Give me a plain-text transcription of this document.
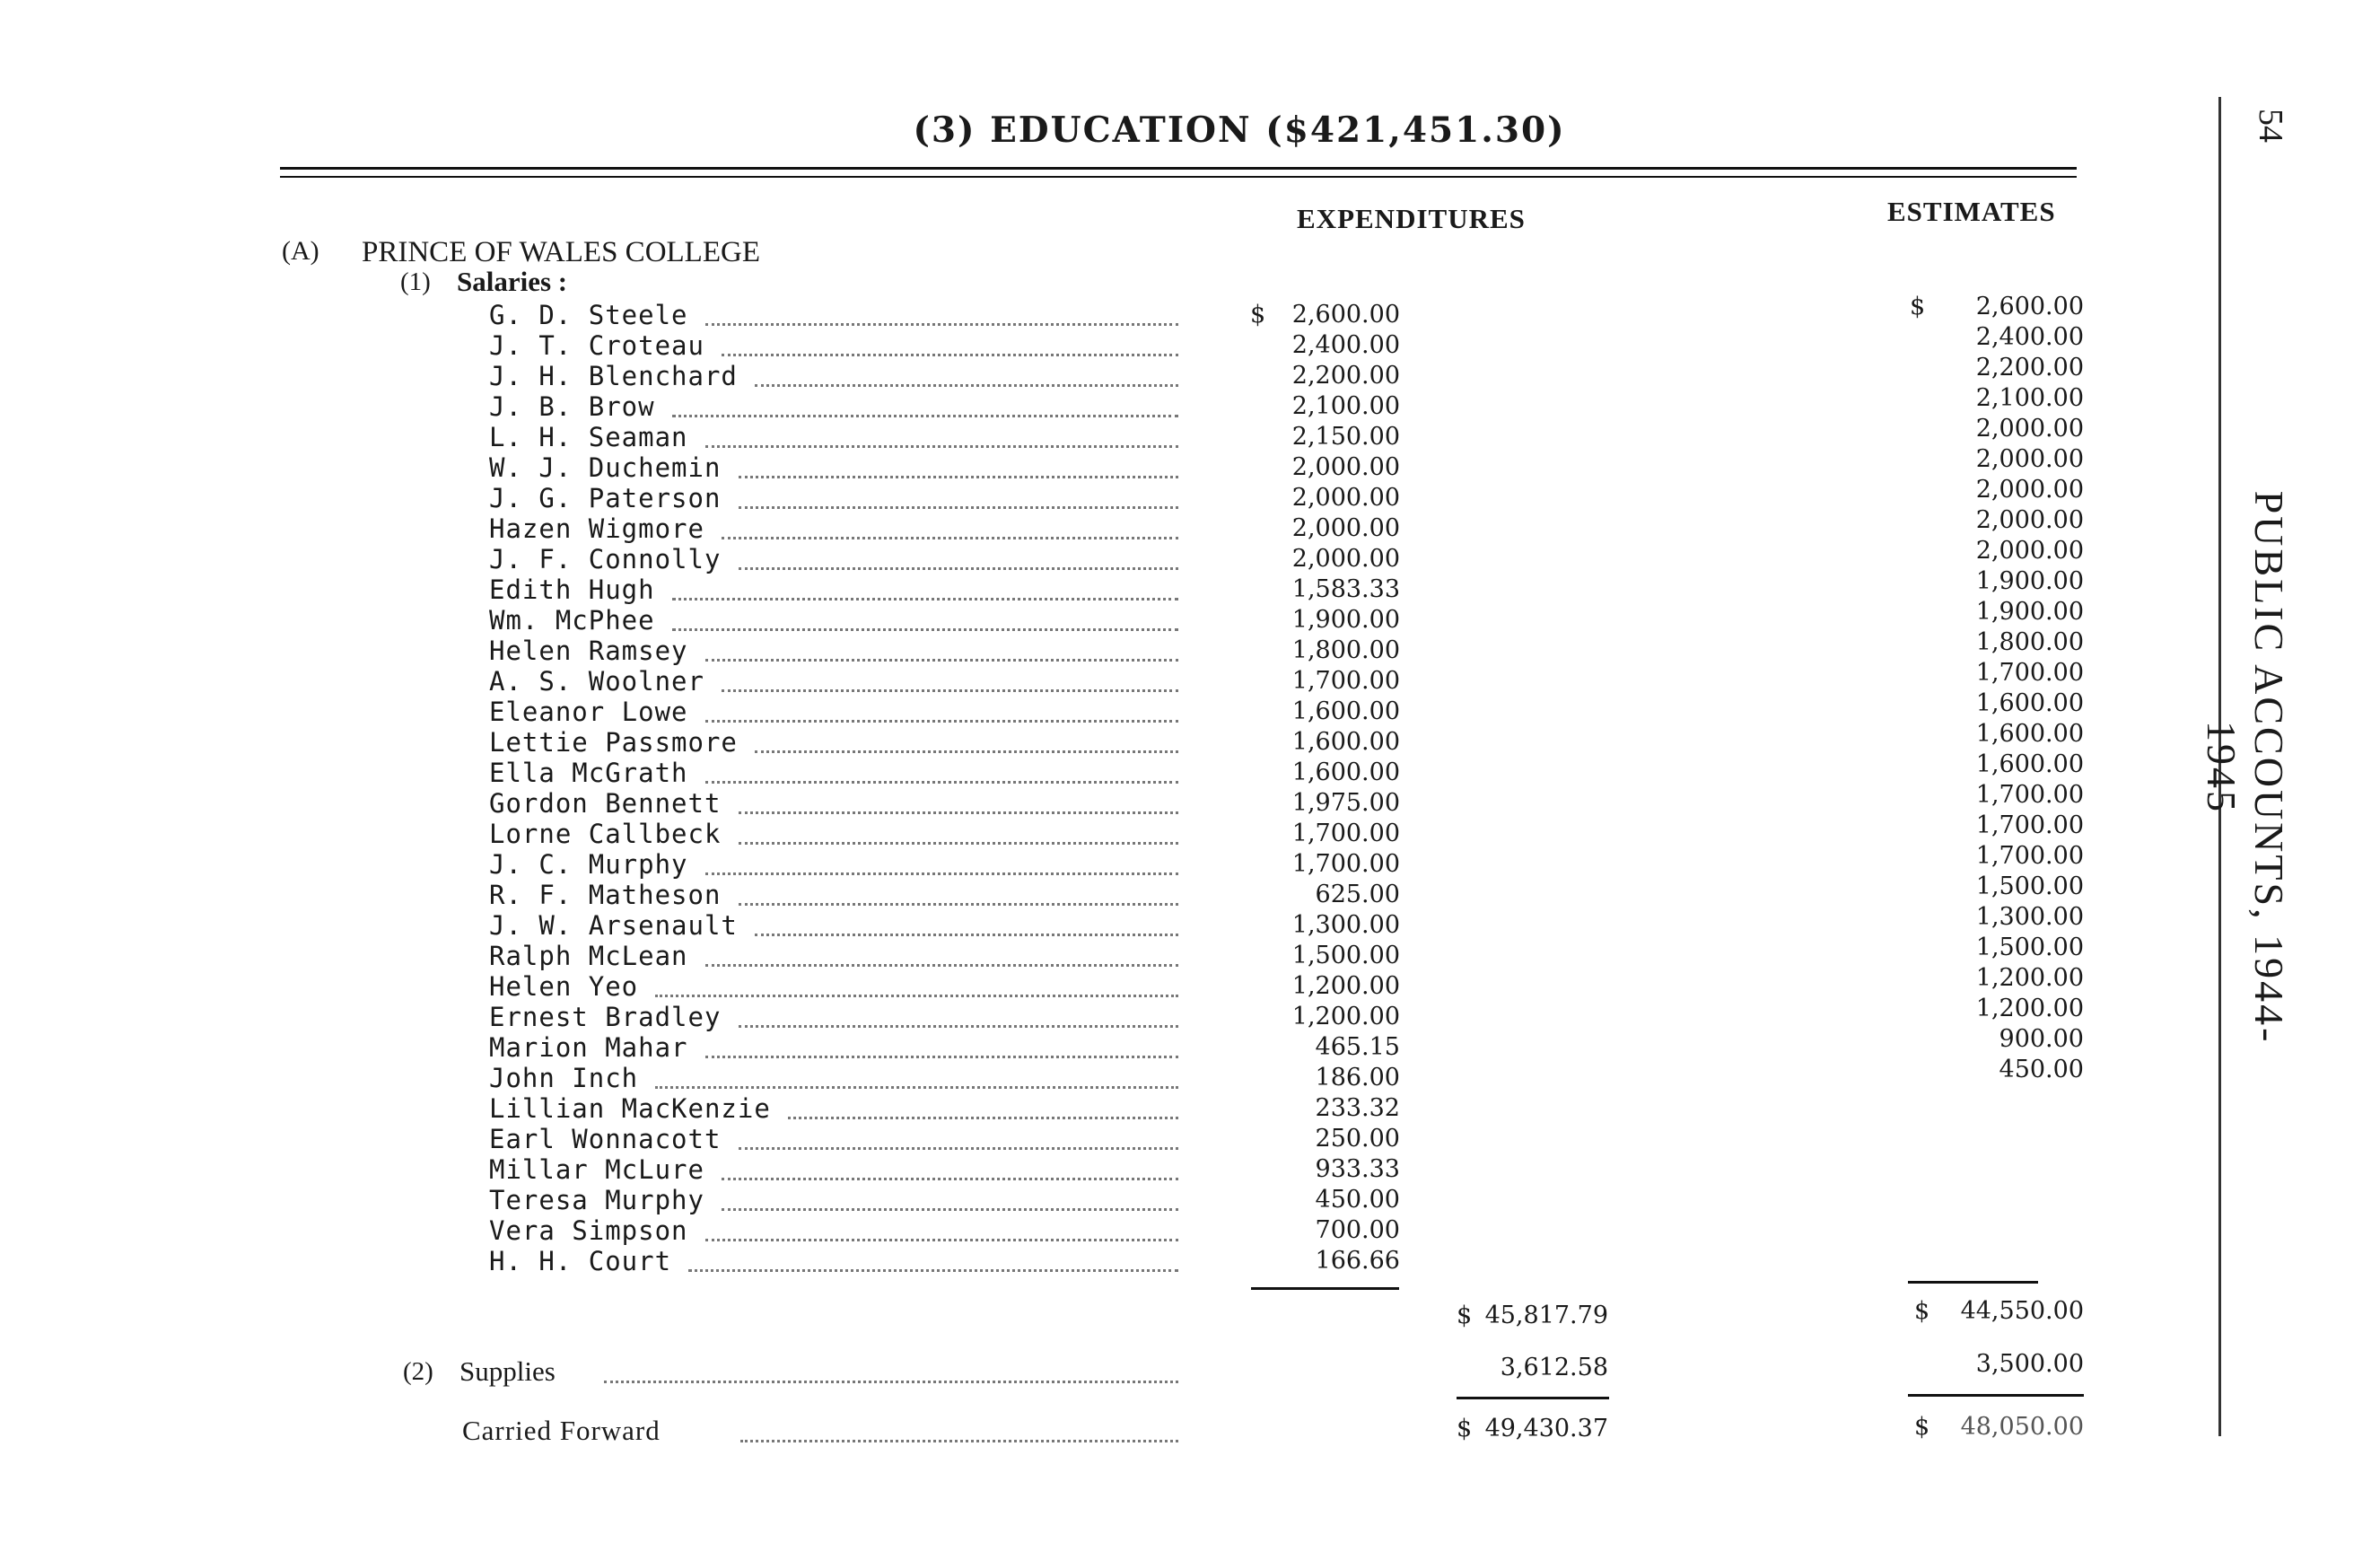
(3) EDUCATION ($421,451.30)	54
PUBLIC ACCOUNTS, 1944-1945
EXPENDITURES	ESTIMATES
(A) PRINCE OF WALES COLLEGE
(1) Salaries :
G. D. Steele	$	2,600.00	$	2,600.00
J. T. Croteau	2,400.00	2,400.00
J. H. Blenchard	2,200.00	2,200.00
J. B. Brow	2,100.00	2,100.00
L. H. Seaman	2,150.00	2,000.00
W. J. Duchemin	2,000.00	2,000.00
J. G. Paterson	2,000.00	2,000.00
Hazen Wigmore	2,000.00	2,000.00
J. F. Connolly	2,000.00	2,000.00
Edith Hugh	1,583.33	1,900.00
Wm. McPhee	1,900.00	1,900.00
Helen Ramsey	1,800.00	1,800.00
A. S. Woolner	1,700.00	1,700.00
Eleanor Lowe	1,600.00	1,600.00
Lettie Passmore	1,600.00	1,600.00
Ella McGrath	1,600.00	1,600.00
Gordon Bennett	1,975.00	1,700.00
Lorne Callbeck	1,700.00	1,700.00
J. C. Murphy	1,700.00	1,700.00
R. F. Matheson	625.00	1,500.00
J. W. Arsenault	1,300.00	1,300.00
Ralph McLean	1,500.00	1,500.00
Helen Yeo	1,200.00	1,200.00
Ernest Bradley	1,200.00	1,200.00
Marion Mahar	465.15	900.00
John Inch	186.00	450.00
Lillian MacKenzie	233.32
Earl Wonnacott	250.00
Millar McLure	933.33
Teresa Murphy	450.00
Vera Simpson	700.00
H. H. Court	166.66
$ 45,817.79	$	44,550.00
(2) Supplies	3,612.58	3,500.00
Carried Forward	$ 49,430.37	$	48,050.00
